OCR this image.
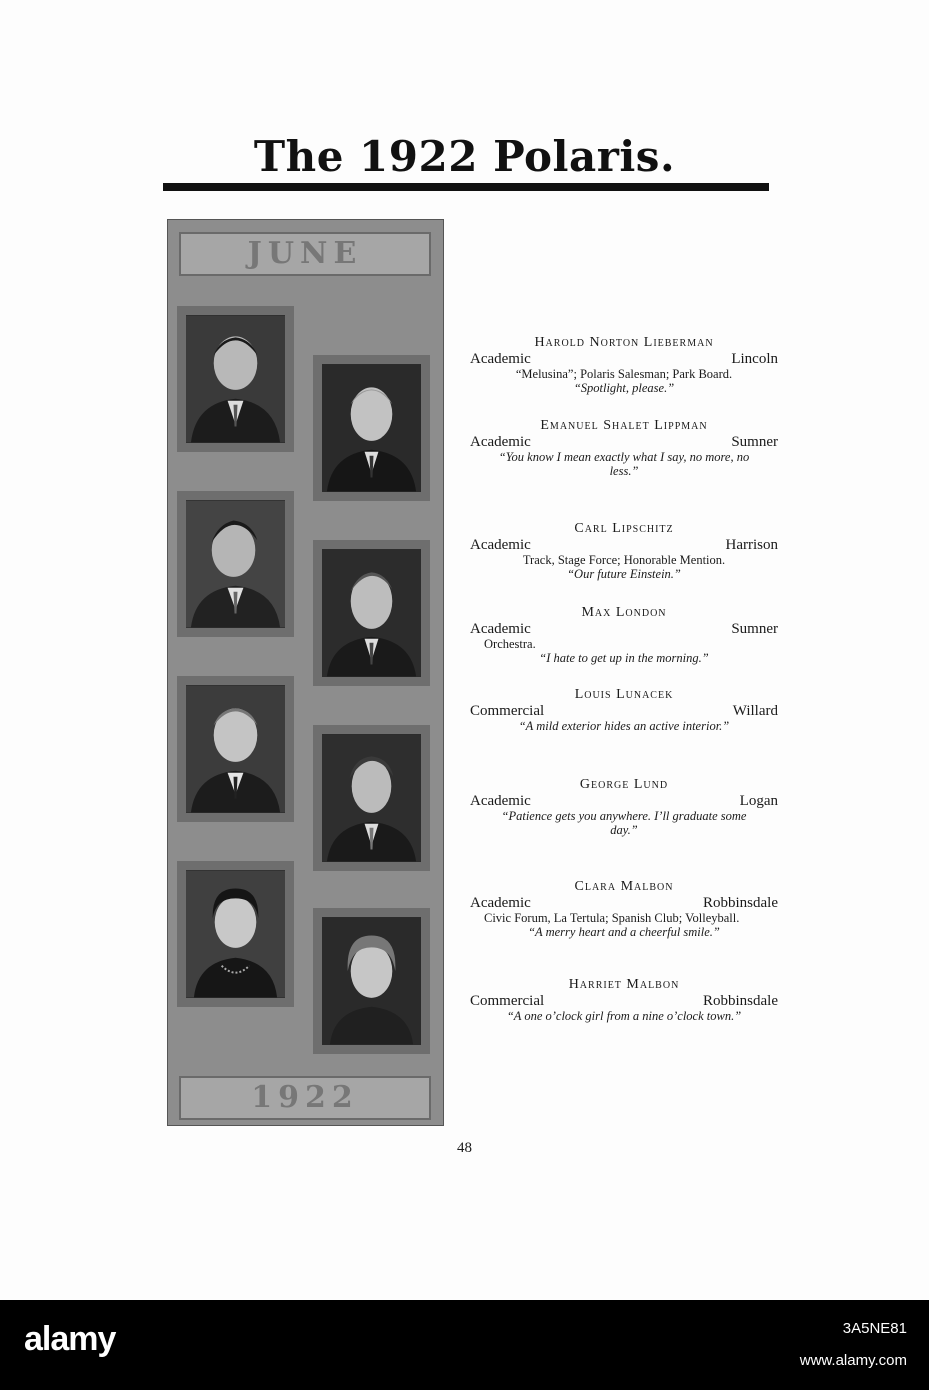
The 1922 Polaris.
JUNE
1922
Harold Norton Lieberman
Academic	Lincoln
“Melusina”; Polaris Salesman; Park Board.
“Spotlight, please.”
Emanuel Shalet Lippman
Academic	Sumner
“You know I mean exactly what I say, no more, no less.”
Carl Lipschitz
Academic	Harrison
Track, Stage Force; Honorable Mention.
“Our future Einstein.”
Max London
Academic	Sumner
Orchestra.
“I hate to get up in the morning.”
Louis Lunacek
Commercial	Willard
“A mild exterior hides an active interior.”
George Lund
Academic	Logan
“Patience gets you anywhere. I’ll graduate some day.”
Clara Malbon
Academic	Robbinsdale
Civic Forum, La Tertula; Spanish Club; Volleyball.
“A merry heart and a cheerful smile.”
Harriet Malbon
Commercial	Robbinsdale
“A one o’clock girl from a nine o’clock town.”
48
alamy	3A5NE81
www.alamy.com
